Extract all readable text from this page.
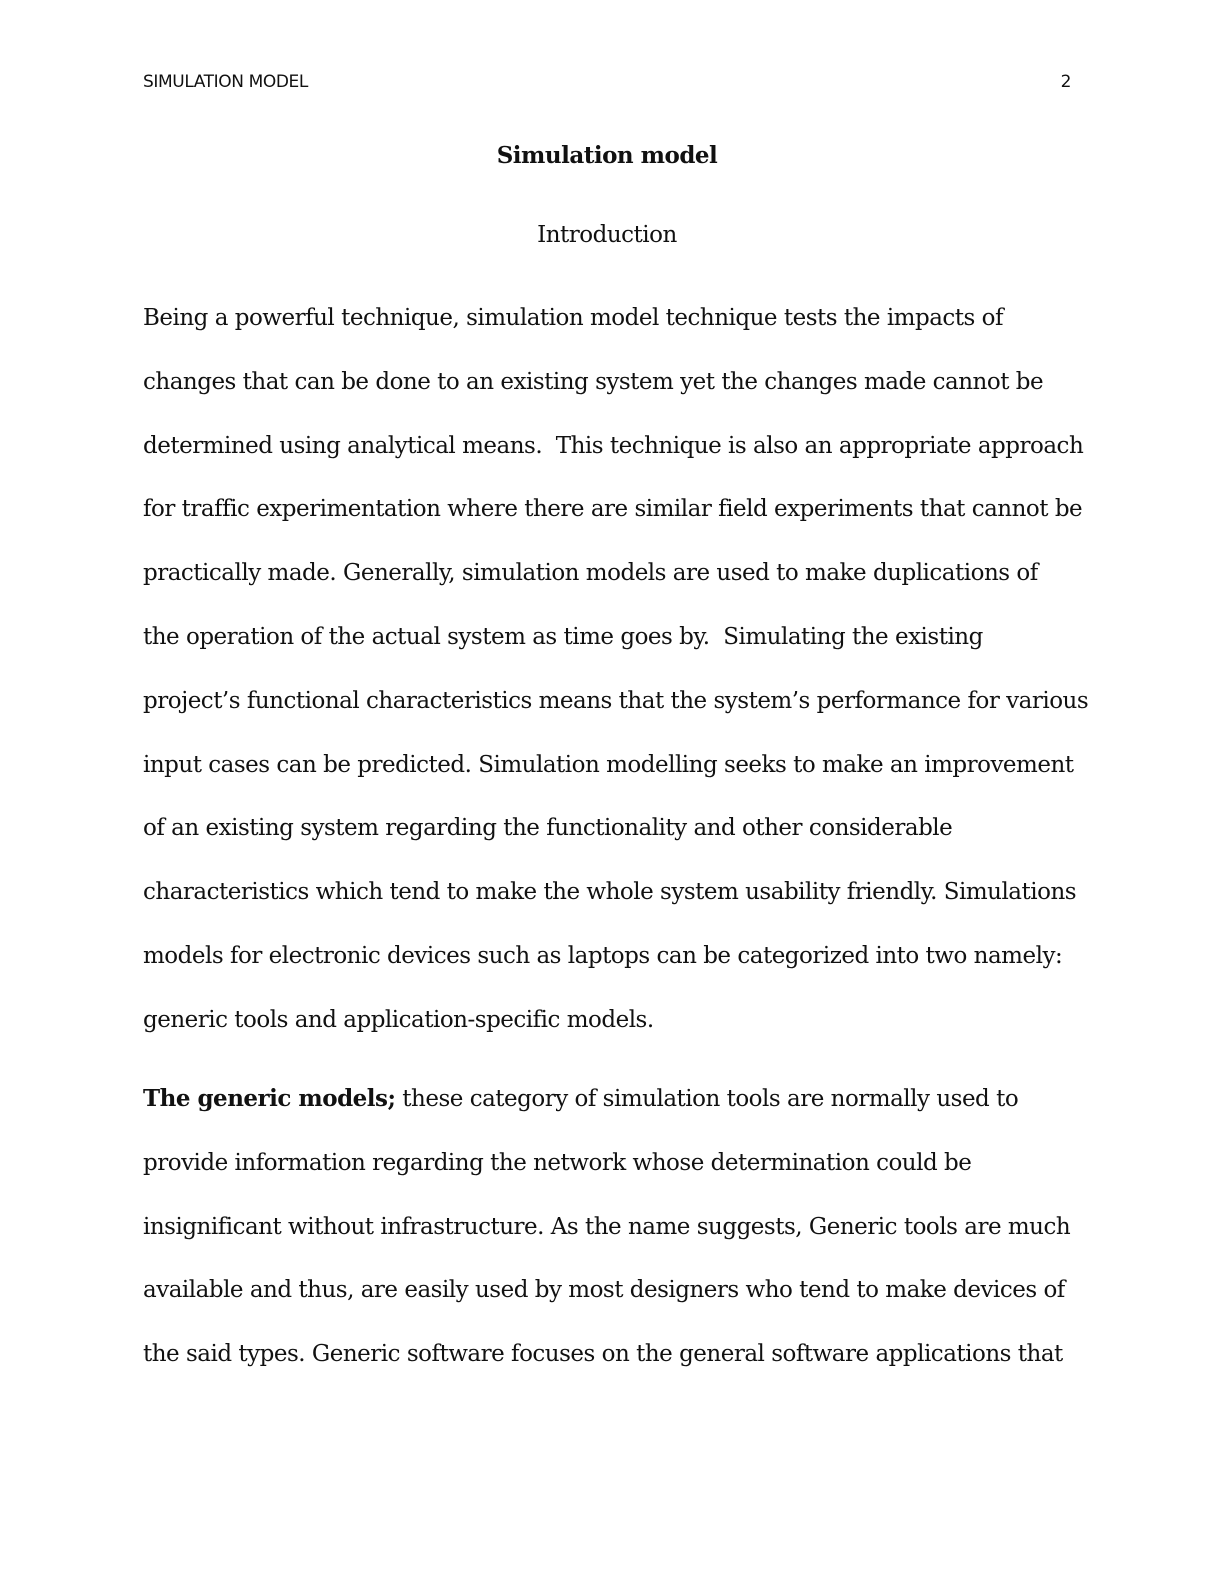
SIMULATION MODEL	2
Simulation model
Introduction
Being a powerful technique, simulation model technique tests the impacts of
changes that can be done to an existing system yet the changes made cannot be
determined using analytical means.  This technique is also an appropriate approach
for traffic experimentation where there are similar field experiments that cannot be
practically made. Generally, simulation models are used to make duplications of
the operation of the actual system as time goes by.  Simulating the existing
project’s functional characteristics means that the system’s performance for various
input cases can be predicted. Simulation modelling seeks to make an improvement
of an existing system regarding the functionality and other considerable
characteristics which tend to make the whole system usability friendly. Simulations
models for electronic devices such as laptops can be categorized into two namely:
generic tools and application-specific models.
The generic models; these category of simulation tools are normally used to
provide information regarding the network whose determination could be
insignificant without infrastructure. As the name suggests, Generic tools are much
available and thus, are easily used by most designers who tend to make devices of
the said types. Generic software focuses on the general software applications that
